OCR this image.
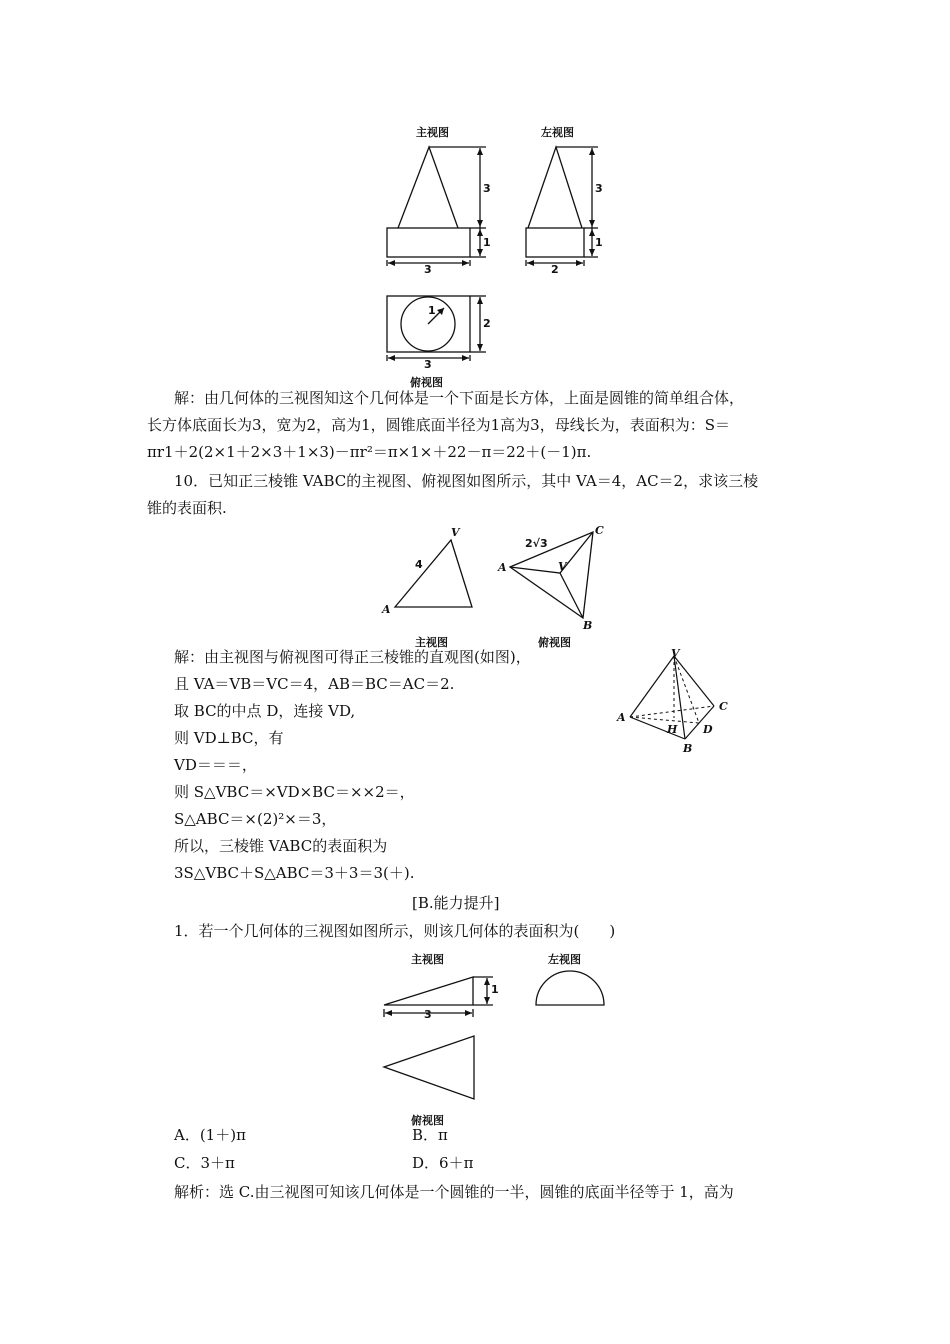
主视图	左视图
俯视图
3
1
3
3
1
2
1
2
3
解：由几何体的三视图知这个几何体是一个下面是长方体，上面是圆锥的简单组合体，
长方体底面长为3，宽为2，高为1，圆锥底面半径为1高为3，母线长为，表面积为：S＝
πr1＋2(2×1＋2×3＋1×3)－πr²＝π×1×＋22－π＝22＋(－1)π.
10．已知正三棱锥 VABC的主视图、俯视图如图所示，其中 VA＝4，AC＝2，求该三棱
锥的表面积.
V
A
4
2√3
C
A	V
B
主视图	俯视图
解：由主视图与俯视图可得正三棱锥的直观图(如图)，
且 VA＝VB＝VC＝4，AB＝BC＝AC＝2.
取 BC的中点 D，连接 VD,
则 VD⊥BC，有
VD＝＝＝，
则 S△VBC＝×VD×BC＝××2＝，
S△ABC＝×(2)²×＝3，
所以，三棱锥 VABC的表面积为
3S△VBC＋S△ABC＝3＋3＝3(＋).
V
A
C
H D
B
[B.能力提升]
1．若一个几何体的三视图如图所示，则该几何体的表面积为(　　)
主视图	左视图
1
3
俯视图
A．(1＋)π	B．π
C．3＋π	D．6＋π
解析：选 C.由三视图可知该几何体是一个圆锥的一半，圆锥的底面半径等于 1，高为
